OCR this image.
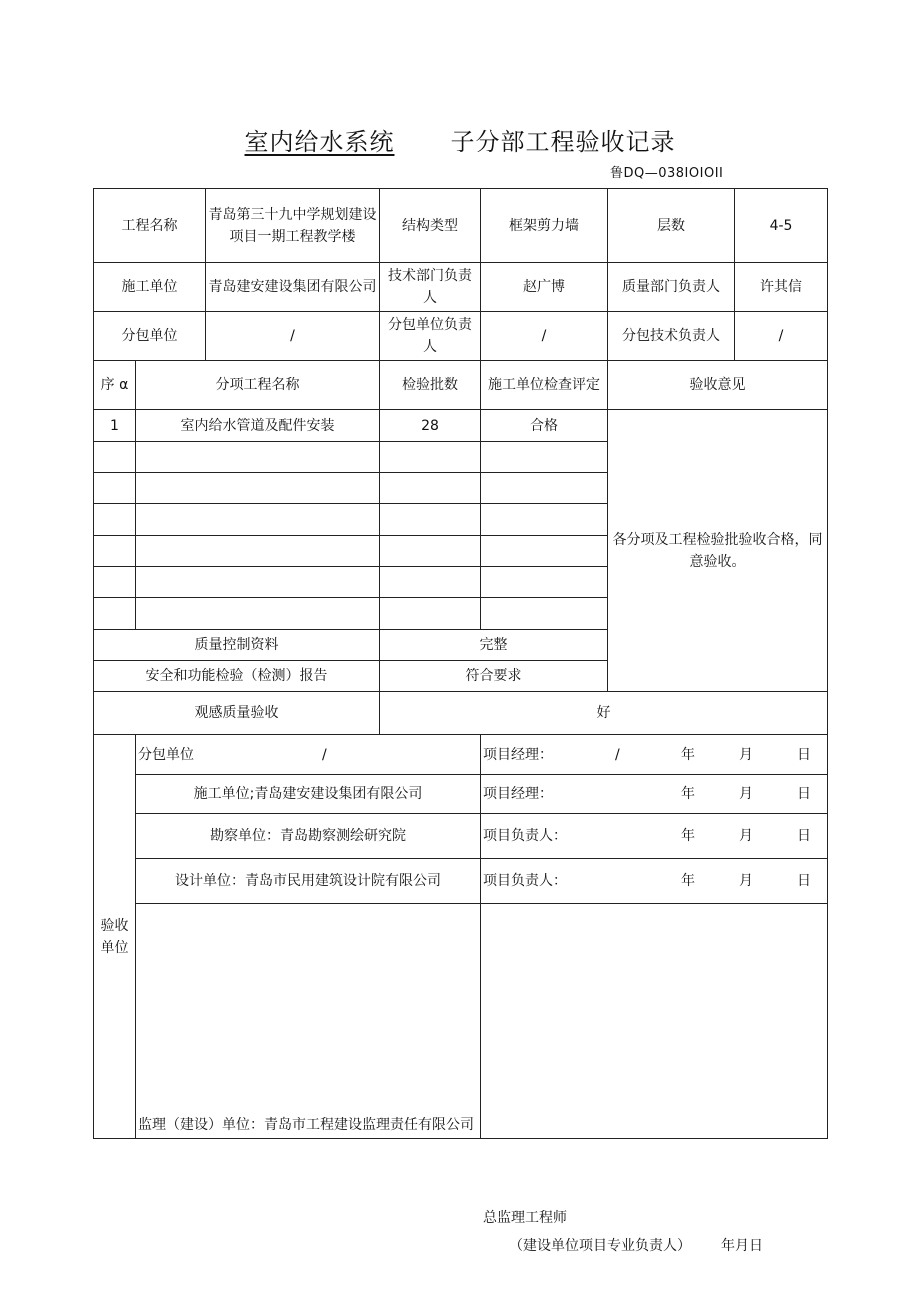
室内给水系统 子分部工程验收记录
鲁DQ—038IOIOII
工程名称		青岛第三十九中学规划建设项目一期工程教学楼	结构类型	框架剪力墙	层数	4-5
施工单位		青岛建安建设集团有限公司	技术部门负责人	赵广博	质量部门负责人	许其信
分包单位		/	分包单位负责人	/	分包技术负责人	/
序 α	分项工程名称		检验批数	施工单位检查评定	验收意见	
1	室内给水管道及配件安装		28	合格	各分项及工程检验批验收合格，同意验收。	

质量控制资料			完整			
安全和功能检验（检测）报告			符合要求			
观感质量验收			好			
验收
单位	分包单位 /			项目经理： / 年 月 日		

	施工单位;青岛建安建设集团有限公司			项目经理： 年 月 日		

	勘察单位：青岛勘察测绘研究院			项目负责人： 年 月 日		

	设计单位：青岛市民用建筑设计院有限公司			项目负责人： 年 月 日		

	监理（建设）单位：青岛市工程建设监理责任有限公司			总监理工程师
（建设单位项目专业负责人） 年月日		
